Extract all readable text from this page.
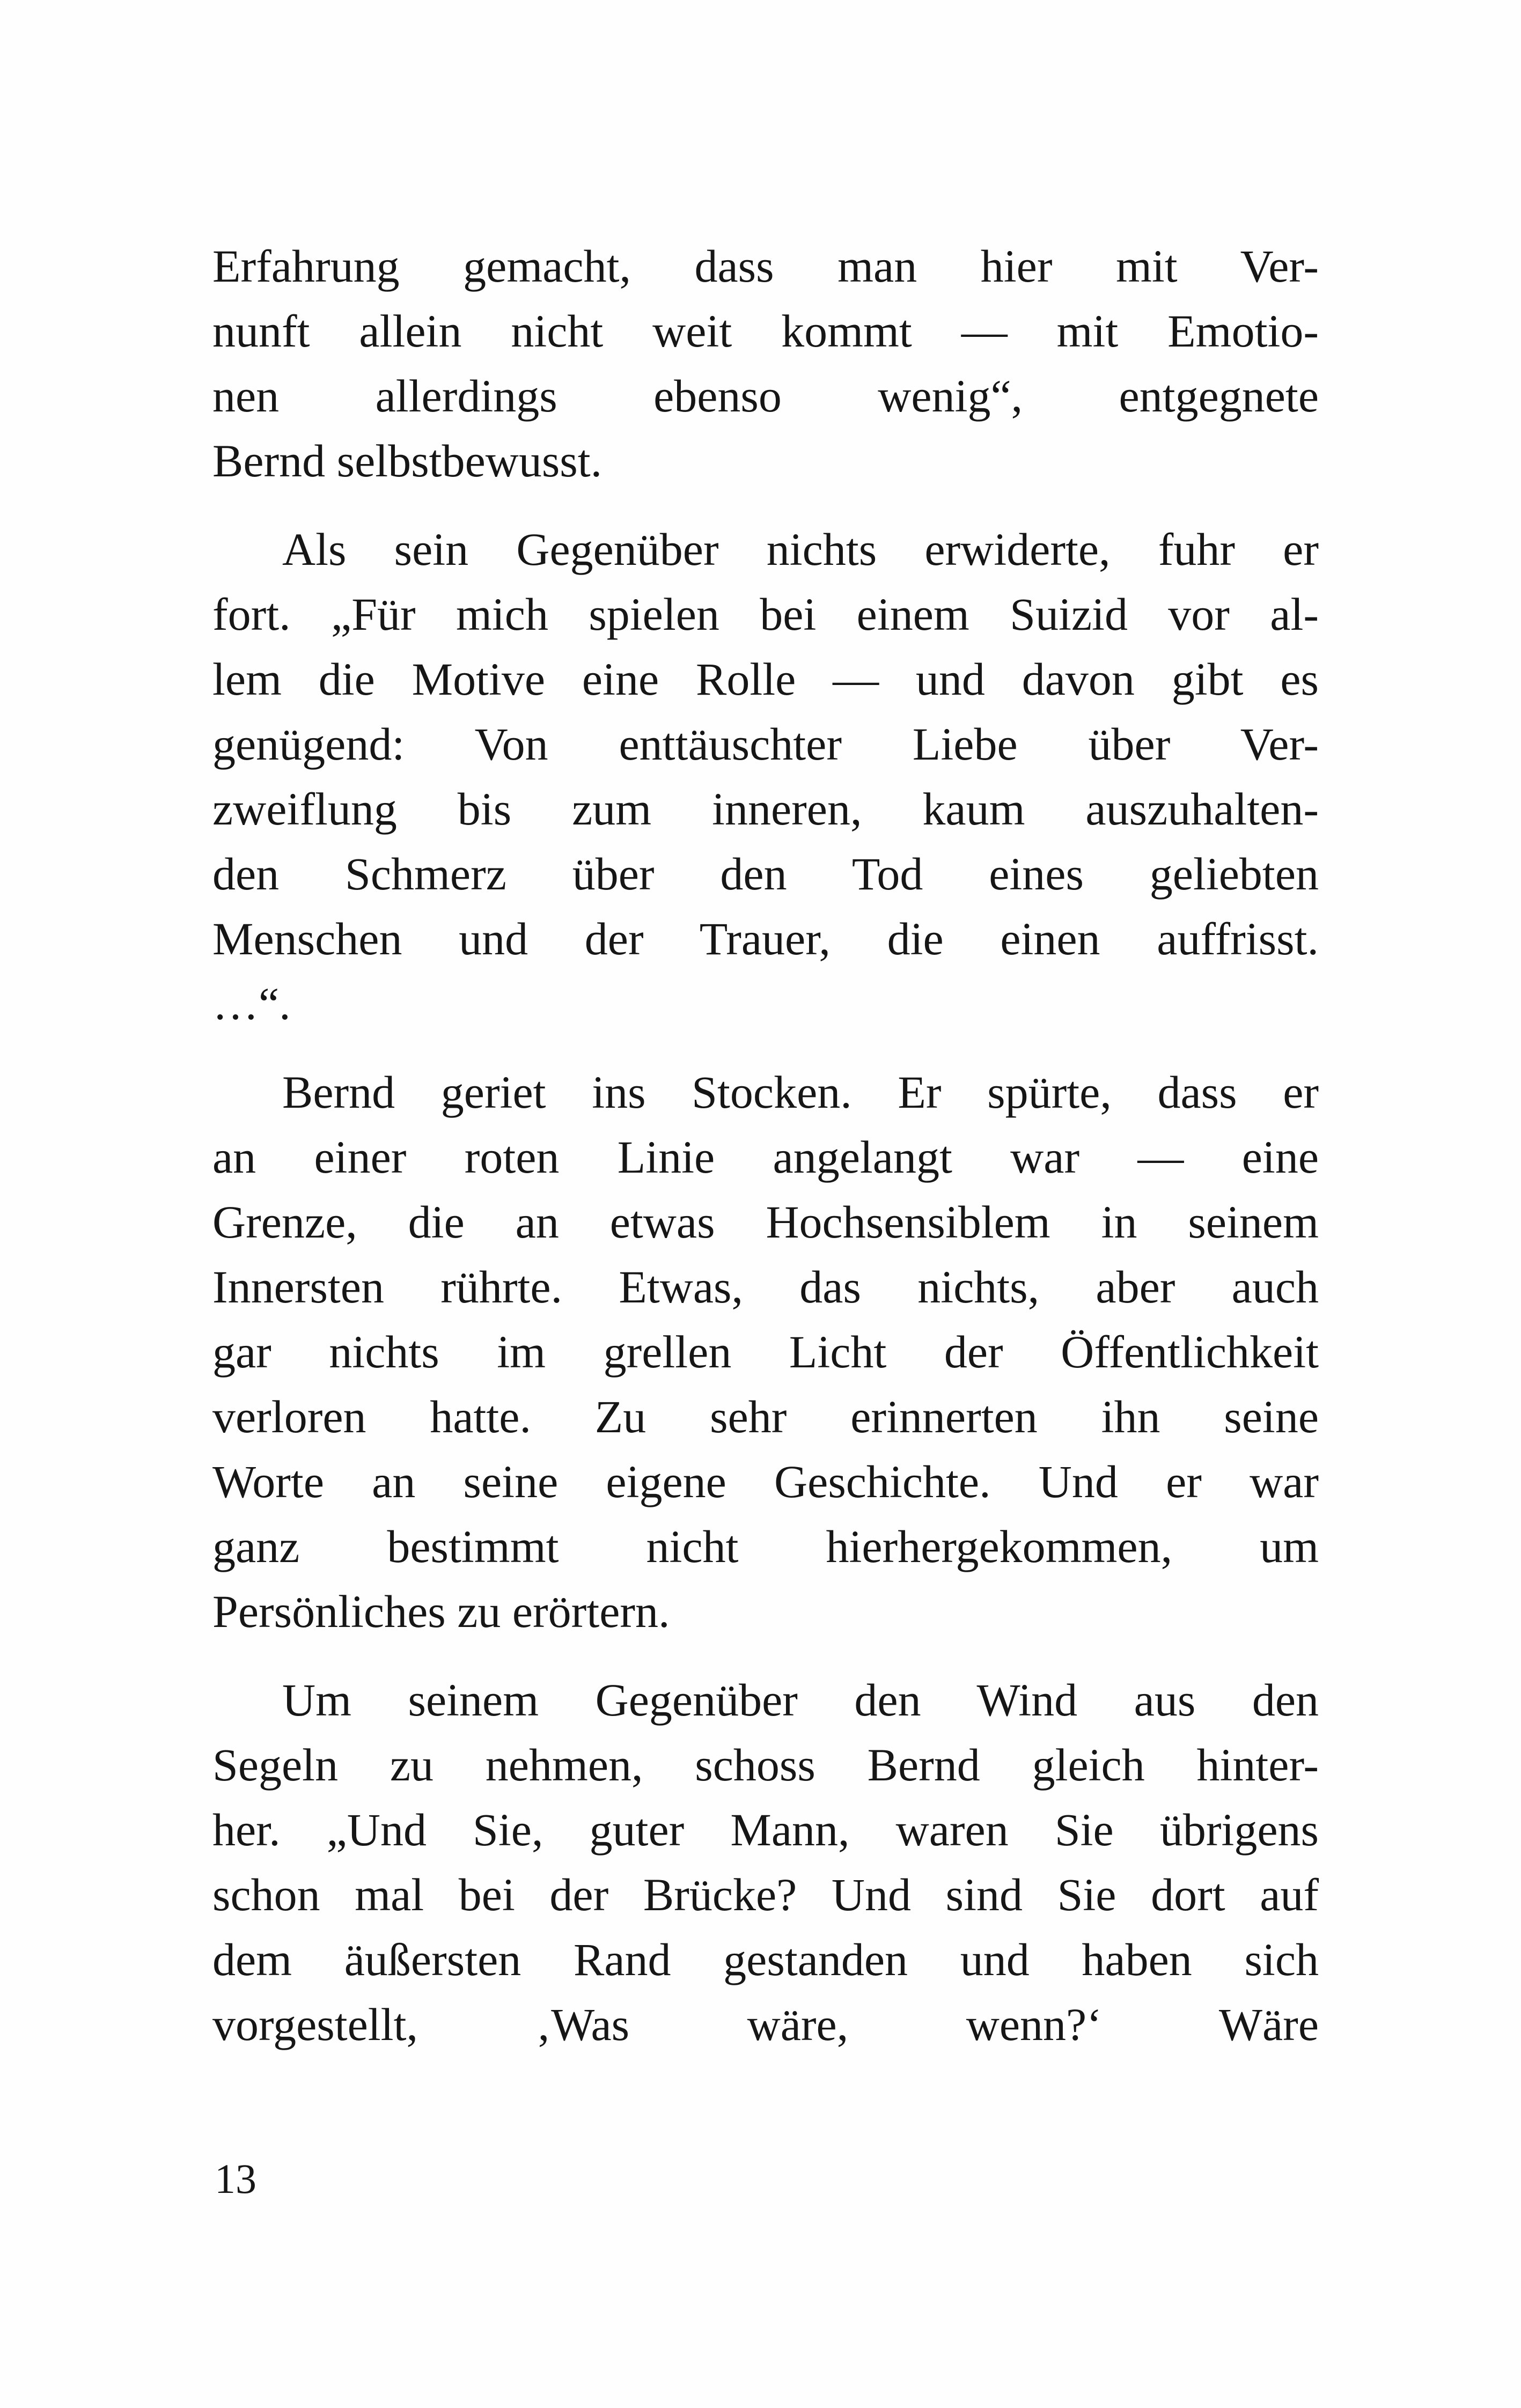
Erfahrung gemacht, dass man hier mit Ver-
nunft allein nicht weit kommt — mit Emotio-
nen allerdings ebenso wenig“, entgegnete
Bernd selbstbewusst.
Als sein Gegenüber nichts erwiderte, fuhr er
fort. „Für mich spielen bei einem Suizid vor al-
lem die Motive eine Rolle — und davon gibt es
genügend: Von enttäuschter Liebe über Ver-
zweiflung bis zum inneren, kaum auszuhalten-
den Schmerz über den Tod eines geliebten
Menschen und der Trauer, die einen auffrisst.
…“.
Bernd geriet ins Stocken. Er spürte, dass er
an einer roten Linie angelangt war — eine
Grenze, die an etwas Hochsensiblem in seinem
Innersten rührte. Etwas, das nichts, aber auch
gar nichts im grellen Licht der Öffentlichkeit
verloren hatte. Zu sehr erinnerten ihn seine
Worte an seine eigene Geschichte. Und er war
ganz bestimmt nicht hierhergekommen, um
Persönliches zu erörtern.
Um seinem Gegenüber den Wind aus den
Segeln zu nehmen, schoss Bernd gleich hinter-
her. „Und Sie, guter Mann, waren Sie übrigens
schon mal bei der Brücke? Und sind Sie dort auf
dem äußersten Rand gestanden und haben sich
vorgestellt, ‚Was wäre, wenn?‘ Wäre
13
